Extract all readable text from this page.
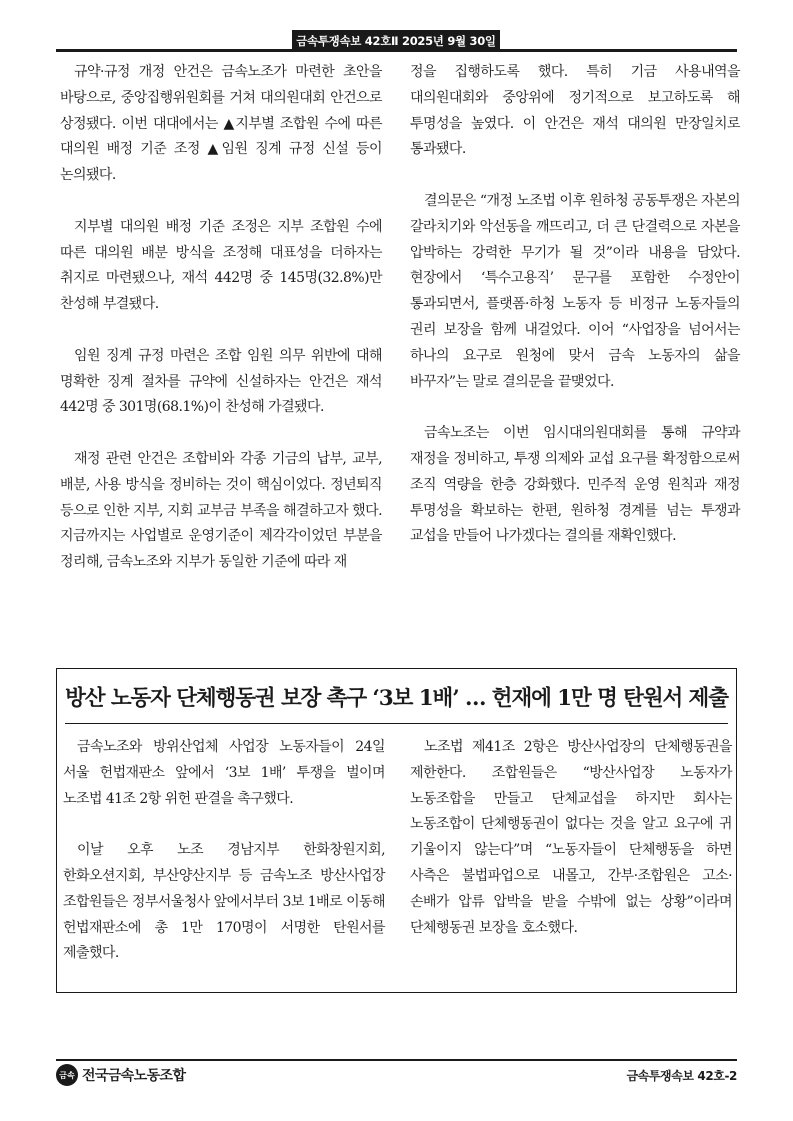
금속투쟁속보 42호Ⅱ 2025년 9월 30일

규약·규정 개정 안건은 금속노조가 마련한 초안을 바탕으로, 중앙집행위원회를 거쳐 대의원대회 안건으로 상정됐다. 이번 대대에서는 ▲지부별 조합원 수에 따른 대의원 배정 기준 조정 ▲임원 징계 규정 신설 등이 논의됐다.

지부별 대의원 배정 기준 조정은 지부 조합원 수에 따른 대의원 배분 방식을 조정해 대표성을 더하자는 취지로 마련됐으나, 재석 442명 중 145명(32.8%)만 찬성해 부결됐다.

임원 징계 규정 마련은 조합 임원 의무 위반에 대해 명확한 징계 절차를 규약에 신설하자는 안건은 재석 442명 중 301명(68.1%)이 찬성해 가결됐다.

재정 관련 안건은 조합비와 각종 기금의 납부, 교부, 배분, 사용 방식을 정비하는 것이 핵심이었다. 정년퇴직 등으로 인한 지부, 지회 교부금 부족을 해결하고자 했다. 지금까지는 사업별로 운영기준이 제각각이었던 부분을 정리해, 금속노조와 지부가 동일한 기준에 따라 재

정을 집행하도록 했다. 특히 기금 사용내역을 대의원대회와 중앙위에 정기적으로 보고하도록 해 투명성을 높였다. 이 안건은 재석 대의원 만장일치로 통과됐다.

결의문은 “개정 노조법 이후 원하청 공동투쟁은 자본의 갈라치기와 악선동을 깨뜨리고, 더 큰 단결력으로 자본을 압박하는 강력한 무기가 될 것”이라 내용을 담았다. 현장에서 ‘특수고용직’ 문구를 포함한 수정안이 통과되면서, 플랫폼·하청 노동자 등 비정규 노동자들의 권리 보장을 함께 내걸었다. 이어 “사업장을 넘어서는 하나의 요구로 원청에 맞서 금속 노동자의 삶을 바꾸자”는 말로 결의문을 끝맺었다.

금속노조는 이번 임시대의원대회를 통해 규약과 재정을 정비하고, 투쟁 의제와 교섭 요구를 확정함으로써 조직 역량을 한층 강화했다. 민주적 운영 원칙과 재정 투명성을 확보하는 한편, 원하청 경계를 넘는 투쟁과 교섭을 만들어 나가겠다는 결의를 재확인했다.

방산 노동자 단체행동권 보장 촉구 ‘3보 1배’ … 헌재에 1만 명 탄원서 제출

금속노조와 방위산업체 사업장 노동자들이 24일 서울 헌법재판소 앞에서 ‘3보 1배’ 투쟁을 벌이며 노조법 41조 2항 위헌 판결을 촉구했다.

이날 오후 노조 경남지부 한화창원지회, 한화오션지회, 부산양산지부 등 금속노조 방산사업장 조합원들은 정부서울청사 앞에서부터 3보 1배로 이동해 헌법재판소에 총 1만 170명이 서명한 탄원서를 제출했다.

노조법 제41조 2항은 방산사업장의 단체행동권을 제한한다. 조합원들은 “방산사업장 노동자가 노동조합을 만들고 단체교섭을 하지만 회사는 노동조합이 단체행동권이 없다는 것을 알고 요구에 귀 기울이지 않는다”며 “노동자들이 단체행동을 하면 사측은 불법파업으로 내몰고, 간부·조합원은 고소·손배가 압류 압박을 받을 수밖에 없는 상황”이라며 단체행동권 보장을 호소했다.

금속 전국금속노동조합	금속투쟁속보 42호-2
